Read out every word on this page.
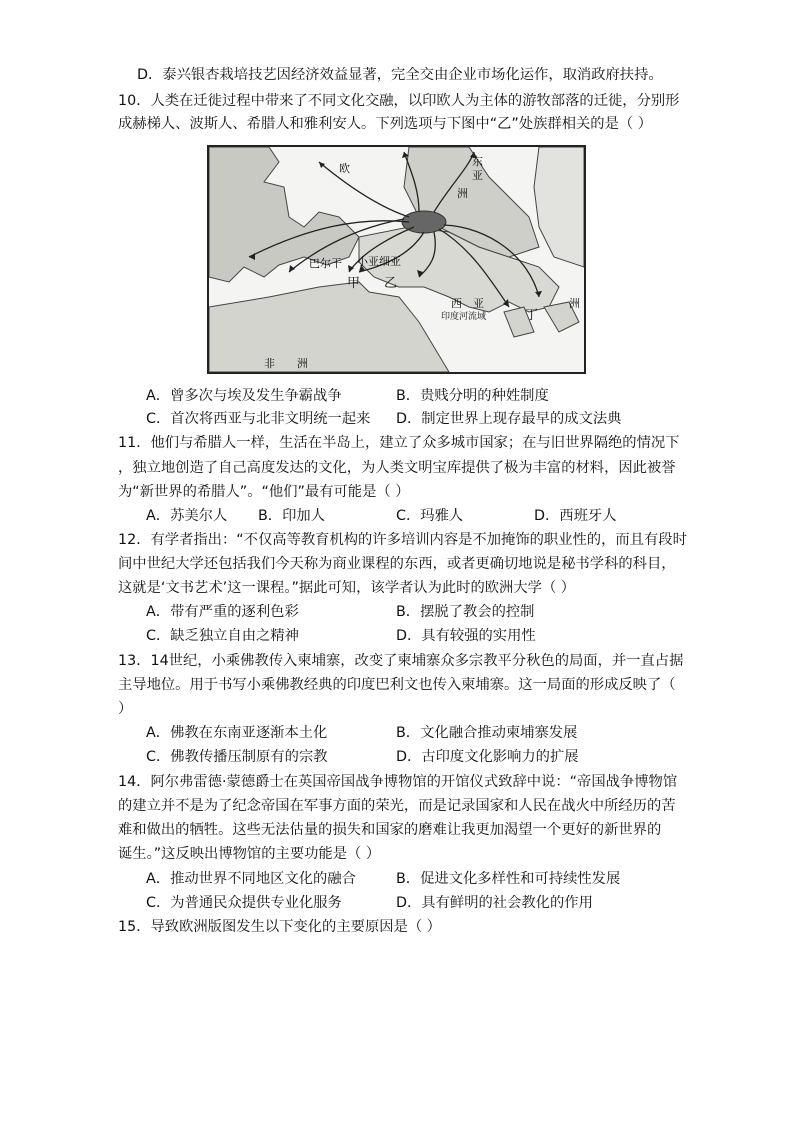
D．泰兴银杏栽培技艺因经济效益显著，完全交由企业市场化运作，取消政府扶持。
10．人类在迁徙过程中带来了不同文化交融，以印欧人为主体的游牧部落的迁徙，分别形
成赫梯人、波斯人、希腊人和雅利安人。下列选项与下图中“乙”处族群相关的是（ ）
东
亚
洲
欧
巴尔干 小亚细亚
甲 乙
西　亚
印度河流域	丁
洲
非　　洲
A．曾多次与埃及发生争霸战争	B．贵贱分明的种姓制度
C．首次将西亚与北非文明统一起来 D．制定世界上现存最早的成文法典
11．他们与希腊人一样，生活在半岛上，建立了众多城市国家；在与旧世界隔绝的情况下
，独立地创造了自己高度发达的文化，为人类文明宝库提供了极为丰富的材料，因此被誉
为“新世界的希腊人”。“他们”最有可能是（ ）
A．苏美尔人 B．印加人	C．玛雅人	D．西班牙人
12．有学者指出：“不仅高等教育机构的许多培训内容是不加掩饰的职业性的，而且有段时
间中世纪大学还包括我们今天称为商业课程的东西，或者更确切地说是秘书学科的科目，
这就是‘文书艺术’这一课程。”据此可知，该学者认为此时的欧洲大学（ ）
A．带有严重的逐利色彩	B．摆脱了教会的控制
C．缺乏独立自由之精神	D．具有较强的实用性
13．14世纪，小乘佛教传入柬埔寨，改变了柬埔寨众多宗教平分秋色的局面，并一直占据
主导地位。用于书写小乘佛教经典的印度巴利文也传入柬埔寨。这一局面的形成反映了（
）
A．佛教在东南亚逐渐本土化	B．文化融合推动柬埔寨发展
C．佛教传播压制原有的宗教	D．古印度文化影响力的扩展
14．阿尔弗雷德·蒙德爵士在英国帝国战争博物馆的开馆仪式致辞中说：“帝国战争博物馆
的建立并不是为了纪念帝国在军事方面的荣光，而是记录国家和人民在战火中所经历的苦
难和做出的牺牲。这些无法估量的损失和国家的磨难让我更加渴望一个更好的新世界的
诞生。”这反映出博物馆的主要功能是（ ）
A．推动世界不同地区文化的融合	B．促进文化多样性和可持续性发展
C．为普通民众提供专业化服务	D．具有鲜明的社会教化的作用
15．导致欧洲版图发生以下变化的主要原因是（ ）
